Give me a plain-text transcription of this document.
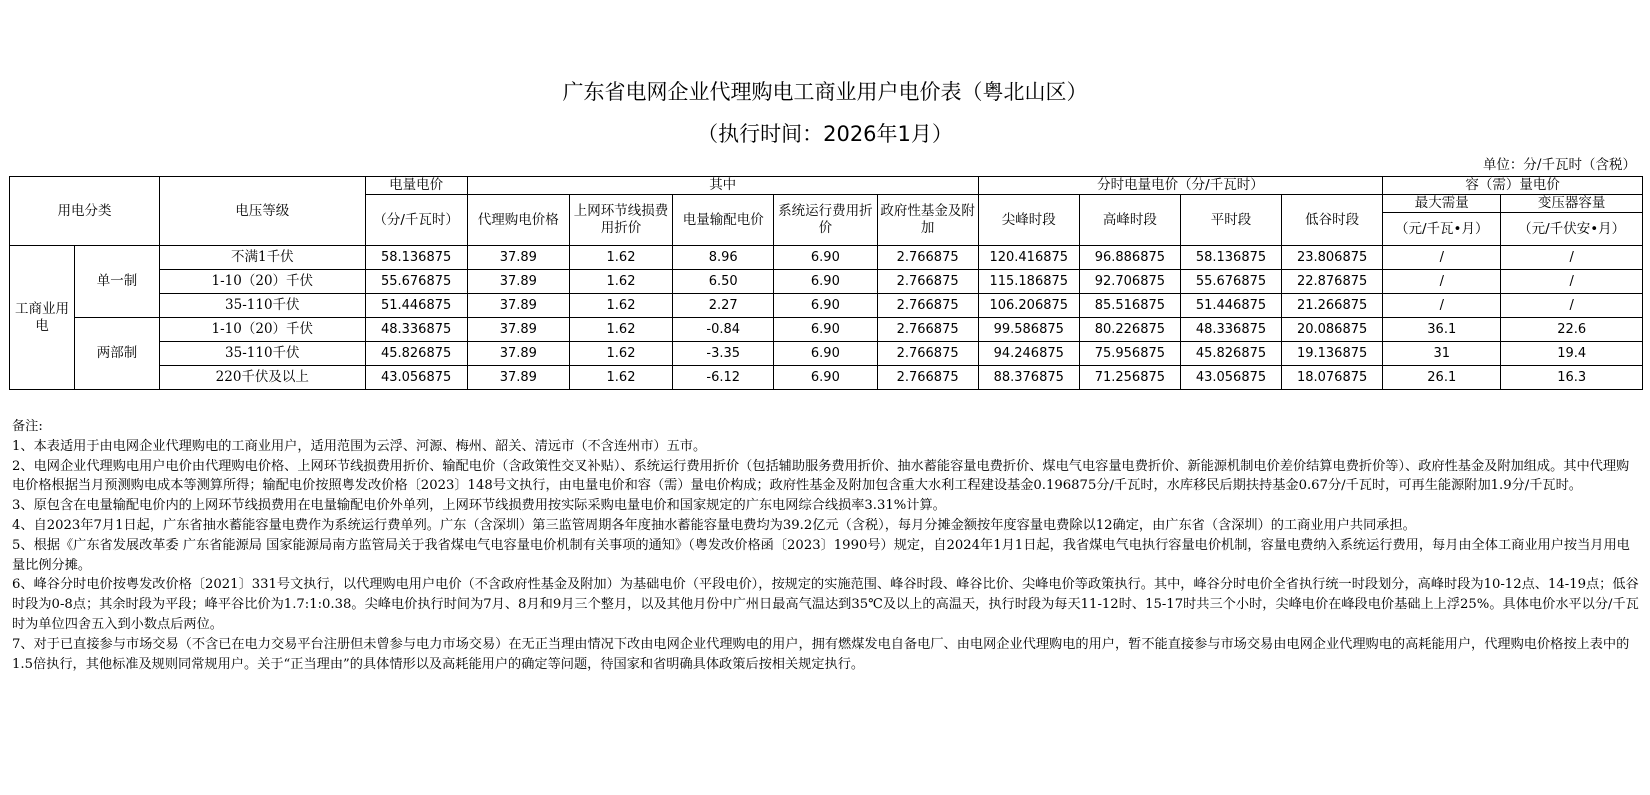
广东省电网企业代理购电工商业用户电价表（粤北山区）
（执行时间：2026年1月）
单位：分/千瓦时（含税）
用电分类		电压等级	电量电价	其中					分时电量电价（分/千瓦时）				容（需）量电价	
			（分/千瓦时）	代理购电价格	上网环节线损费用折价	电量输配电价	系统运行费用折价	政府性基金及附加	尖峰时段	高峰时段	平时段	低谷时段	最大需量	变压器容量
													（元/千瓦•月）	（元/千伏安•月）
工商业用电	单一制	不满1千伏	58.136875	37.89	1.62	8.96	6.90	2.766875	120.416875	96.886875	58.136875	23.806875	/	/
		1-10（20）千伏	55.676875	37.89	1.62	6.50	6.90	2.766875	115.186875	92.706875	55.676875	22.876875	/	/
		35-110千伏	51.446875	37.89	1.62	2.27	6.90	2.766875	106.206875	85.516875	51.446875	21.266875	/	/
	两部制	1-10（20）千伏	48.336875	37.89	1.62	-0.84	6.90	2.766875	99.586875	80.226875	48.336875	20.086875	36.1	22.6
		35-110千伏	45.826875	37.89	1.62	-3.35	6.90	2.766875	94.246875	75.956875	45.826875	19.136875	31	19.4
		220千伏及以上	43.056875	37.89	1.62	-6.12	6.90	2.766875	88.376875	71.256875	43.056875	18.076875	26.1	16.3

备注:

1、本表适用于由电网企业代理购电的工商业用户，适用范围为云浮、河源、梅州、韶关、清远市（不含连州市）五市。

2、电网企业代理购电用户电价由代理购电价格、上网环节线损费用折价、输配电价（含政策性交叉补贴）、系统运行费用折价（包括辅助服务费用折价、抽水蓄能容量电费折价、煤电气电容量电费折价、新能源机制电价差价结算电费折价等）、政府性基金及附加组成。其中代理购电价格根据当月预测购电成本等测算所得；输配电价按照粤发改价格〔2023〕148号文执行，由电量电价和容（需）量电价构成；政府性基金及附加包含重大水利工程建设基金0.196875分/千瓦时，水库移民后期扶持基金0.67分/千瓦时，可再生能源附加1.9分/千瓦时。

3、原包含在电量输配电价内的上网环节线损费用在电量输配电价外单列，上网环节线损费用按实际采购电量电价和国家规定的广东电网综合线损率3.31%计算。

4、自2023年7月1日起，广东省抽水蓄能容量电费作为系统运行费单列。广东（含深圳）第三监管周期各年度抽水蓄能容量电费均为39.2亿元（含税），每月分摊金额按年度容量电费除以12确定，由广东省（含深圳）的工商业用户共同承担。

5、根据《广东省发展改革委 广东省能源局 国家能源局南方监管局关于我省煤电气电容量电价机制有关事项的通知》（粤发改价格函〔2023〕1990号）规定，自2024年1月1日起，我省煤电气电执行容量电价机制，容量电费纳入系统运行费用，每月由全体工商业用户按当月用电量比例分摊。

6、峰谷分时电价按粤发改价格〔2021〕331号文执行，以代理购电用户电价（不含政府性基金及附加）为基础电价（平段电价），按规定的实施范围、峰谷时段、峰谷比价、尖峰电价等政策执行。其中，峰谷分时电价全省执行统一时段划分，高峰时段为10-12点、14-19点；低谷时段为0-8点；其余时段为平段；峰平谷比价为1.7:1:0.38。尖峰电价执行时间为7月、8月和9月三个整月，以及其他月份中广州日最高气温达到35℃及以上的高温天，执行时段为每天11-12时、15-17时共三个小时，尖峰电价在峰段电价基础上上浮25%。具体电价水平以分/千瓦时为单位四舍五入到小数点后两位。

7、对于已直接参与市场交易（不含已在电力交易平台注册但未曾参与电力市场交易）在无正当理由情况下改由电网企业代理购电的用户，拥有燃煤发电自备电厂、由电网企业代理购电的用户，暂不能直接参与市场交易由电网企业代理购电的高耗能用户，代理购电价格按上表中的1.5倍执行，其他标准及规则同常规用户。关于“正当理由”的具体情形以及高耗能用户的确定等问题，待国家和省明确具体政策后按相关规定执行。
